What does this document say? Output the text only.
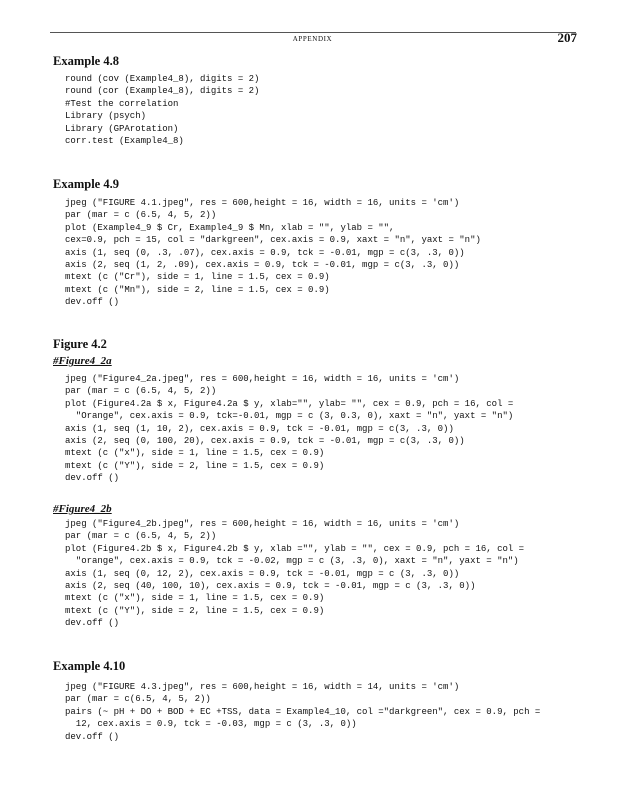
APPENDIX	207
Example 4.8
round (cov (Example4_8), digits = 2)
round (cor (Example4_8), digits = 2)
#Test the correlation
Library (psych)
Library (GPArotation)
corr.test (Example4_8)
Example 4.9
jpeg ("FIGURE 4.1.jpeg", res = 600,height = 16, width = 16, units = 'cm')
par (mar = c (6.5, 4, 5, 2))
plot (Example4_9 $ Cr, Example4_9 $ Mn, xlab = "", ylab = "",
cex=0.9, pch = 15, col = "darkgreen", cex.axis = 0.9, xaxt = "n", yaxt = "n")
axis (1, seq (0, .3, .07), cex.axis = 0.9, tck = -0.01, mgp = c(3, .3, 0))
axis (2, seq (1, 2, .09), cex.axis = 0.9, tck = -0.01, mgp = c(3, .3, 0))
mtext (c ("Cr"), side = 1, line = 1.5, cex = 0.9)
mtext (c ("Mn"), side = 2, line = 1.5, cex = 0.9)
dev.off ()
Figure 4.2
#Figure4_2a
jpeg ("Figure4_2a.jpeg", res = 600,height = 16, width = 16, units = 'cm')
par (mar = c (6.5, 4, 5, 2))
plot (Figure4.2a $ x, Figure4.2a $ y, xlab="", ylab= "", cex = 0.9, pch = 16, col =
"Orange", cex.axis = 0.9, tck=-0.01, mgp = c (3, 0.3, 0), xaxt = "n", yaxt = "n")
axis (1, seq (1, 10, 2), cex.axis = 0.9, tck = -0.01, mgp = c(3, .3, 0))
axis (2, seq (0, 100, 20), cex.axis = 0.9, tck = -0.01, mgp = c(3, .3, 0))
mtext (c ("x"), side = 1, line = 1.5, cex = 0.9)
mtext (c ("Y"), side = 2, line = 1.5, cex = 0.9)
dev.off ()
#Figure4_2b
jpeg ("Figure4_2b.jpeg", res = 600,height = 16, width = 16, units = 'cm')
par (mar = c (6.5, 4, 5, 2))
plot (Figure4.2b $ x, Figure4.2b $ y, xlab ="", ylab = "", cex = 0.9, pch = 16, col =
"orange", cex.axis = 0.9, tck = -0.02, mgp = c (3, .3, 0), xaxt = "n", yaxt = "n")
axis (1, seq (0, 12, 2), cex.axis = 0.9, tck = -0.01, mgp = c (3, .3, 0))
axis (2, seq (40, 100, 10), cex.axis = 0.9, tck = -0.01, mgp = c (3, .3, 0))
mtext (c ("x"), side = 1, line = 1.5, cex = 0.9)
mtext (c ("Y"), side = 2, line = 1.5, cex = 0.9)
dev.off ()
Example 4.10
jpeg ("FIGURE 4.3.jpeg", res = 600,height = 16, width = 14, units = 'cm')
par (mar = c(6.5, 4, 5, 2))
pairs (~ pH + DO + BOD + EC +TSS, data = Example4_10, col ="darkgreen", cex = 0.9, pch =
12, cex.axis = 0.9, tck = -0.03, mgp = c (3, .3, 0))
dev.off ()
